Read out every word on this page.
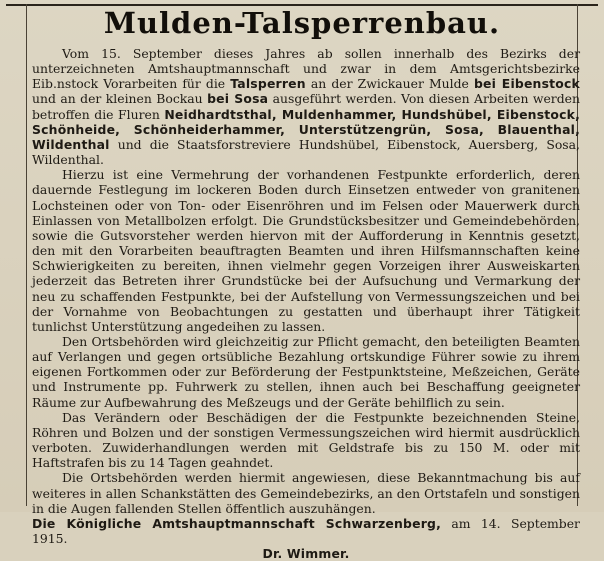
Mulden-Talsperrenbau.

Vom 15. September dieses Jahres ab sollen innerhalb des Bezirks der unterzeichneten Amtshauptmannschaft und zwar in dem Amtsgerichtsbezirke Eib.nstock Vorarbeiten für die Talsperren an der Zwickauer Mulde bei Eibenstock und an der kleinen Bockau bei Sosa ausgeführt werden. Von diesen Arbeiten werden betroffen die Fluren Neidhardtsthal, Muldenhammer, Hundshübel, Eibenstock, Schönheide, Schönheiderhammer, Unterstützengrün, Sosa, Blauenthal, Wildenthal und die Staatsforstreviere Hundshübel, Eibenstock, Auersberg, Sosa, Wildenthal.

Hierzu ist eine Vermehrung der vorhandenen Festpunkte erforderlich, deren dauernde Festlegung im lockeren Boden durch Einsetzen entweder von granitenen Lochsteinen oder von Ton- oder Eisenröhren und im Felsen oder Mauerwerk durch Einlassen von Metallbolzen erfolgt. Die Grundstücksbesitzer und Gemeindebehörden, sowie die Gutsvorsteher werden hiervon mit der Aufforderung in Kenntnis gesetzt, den mit den Vorarbeiten beauftragten Beamten und ihren Hilfsmannschaften keine Schwierigkeiten zu bereiten, ihnen vielmehr gegen Vorzeigen ihrer Ausweiskarten jederzeit das Betreten ihrer Grundstücke bei der Aufsuchung und Vermarkung der neu zu schaffenden Festpunkte, bei der Aufstellung von Vermessungszeichen und bei der Vornahme von Beobachtungen zu gestatten und überhaupt ihrer Tätigkeit tunlichst Unterstützung angedeihen zu lassen.

Den Ortsbehörden wird gleichzeitig zur Pflicht gemacht, den beteiligten Beamten auf Verlangen und gegen ortsübliche Bezahlung ortskundige Führer sowie zu ihrem eigenen Fortkommen oder zur Beförderung der Festpunktsteine, Meßzeichen, Geräte und Instrumente pp. Fuhrwerk zu stellen, ihnen auch bei Beschaffung geeigneter Räume zur Aufbewahrung des Meßzeugs und der Geräte behilflich zu sein.

Das Verändern oder Beschädigen der die Festpunkte bezeichnenden Steine, Röhren und Bolzen und der sonstigen Vermessungszeichen wird hiermit ausdrücklich verboten. Zuwiderhandlungen werden mit Geldstrafe bis zu 150 M. oder mit Haftstrafen bis zu 14 Tagen geahndet.

Die Ortsbehörden werden hiermit angewiesen, diese Bekanntmachung bis auf weiteres in allen Schankstätten des Gemeindebezirks, an den Ortstafeln und sonstigen in die Augen fallenden Stellen öffentlich auszuhängen.

Die Königliche Amtshauptmannschaft Schwarzenberg, am 14. September 1915.

Dr. Wimmer.
